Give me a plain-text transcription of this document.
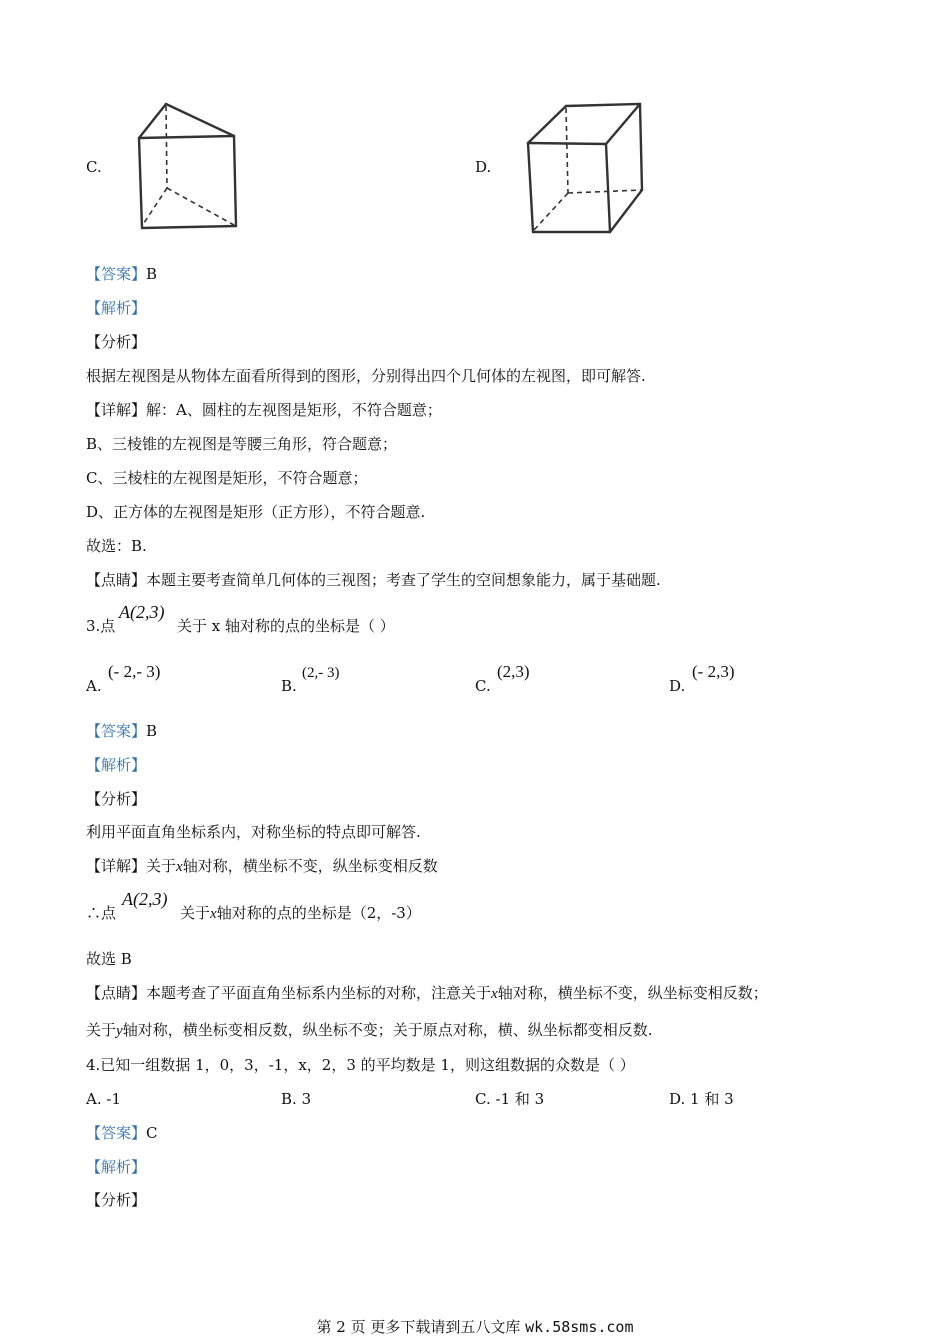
C.	D.
【答案】B
【解析】
【分析】
根据左视图是从物体左面看所得到的图形，分别得出四个几何体的左视图，即可解答.
【详解】解：A、圆柱的左视图是矩形，不符合题意；
B、三棱锥的左视图是等腰三角形，符合题意；
C、三棱柱的左视图是矩形，不符合题意；
D、正方体的左视图是矩形（正方形），不符合题意.
故选：B.
【点睛】本题主要考查简单几何体的三视图；考查了学生的空间想象能力，属于基础题.
3.点
A(2,3)
关于 x 轴对称的点的坐标是（ ）
A.
(- 2,- 3)
B.
(2,- 3)
C.
(2,3)
D.
(- 2,3)
【答案】B
【解析】
【分析】
利用平面直角坐标系内，对称坐标的特点即可解答.
【详解】关于x轴对称，横坐标不变，纵坐标变相反数
∴点
A(2,3)
关于x轴对称的点的坐标是（2，-3）
故选 B
【点睛】本题考查了平面直角坐标系内坐标的对称，注意关于x轴对称，横坐标不变，纵坐标变相反数；
关于y轴对称，横坐标变相反数，纵坐标不变；关于原点对称，横、纵坐标都变相反数.
4.已知一组数据 1，0，3，-1，x，2，3 的平均数是 1，则这组数据的众数是（ ）
A. -1	B. 3	C. -1 和 3	D. 1 和 3
【答案】C
【解析】
【分析】
第 2 页 更多下载请到五八文库 wk.58sms.com
